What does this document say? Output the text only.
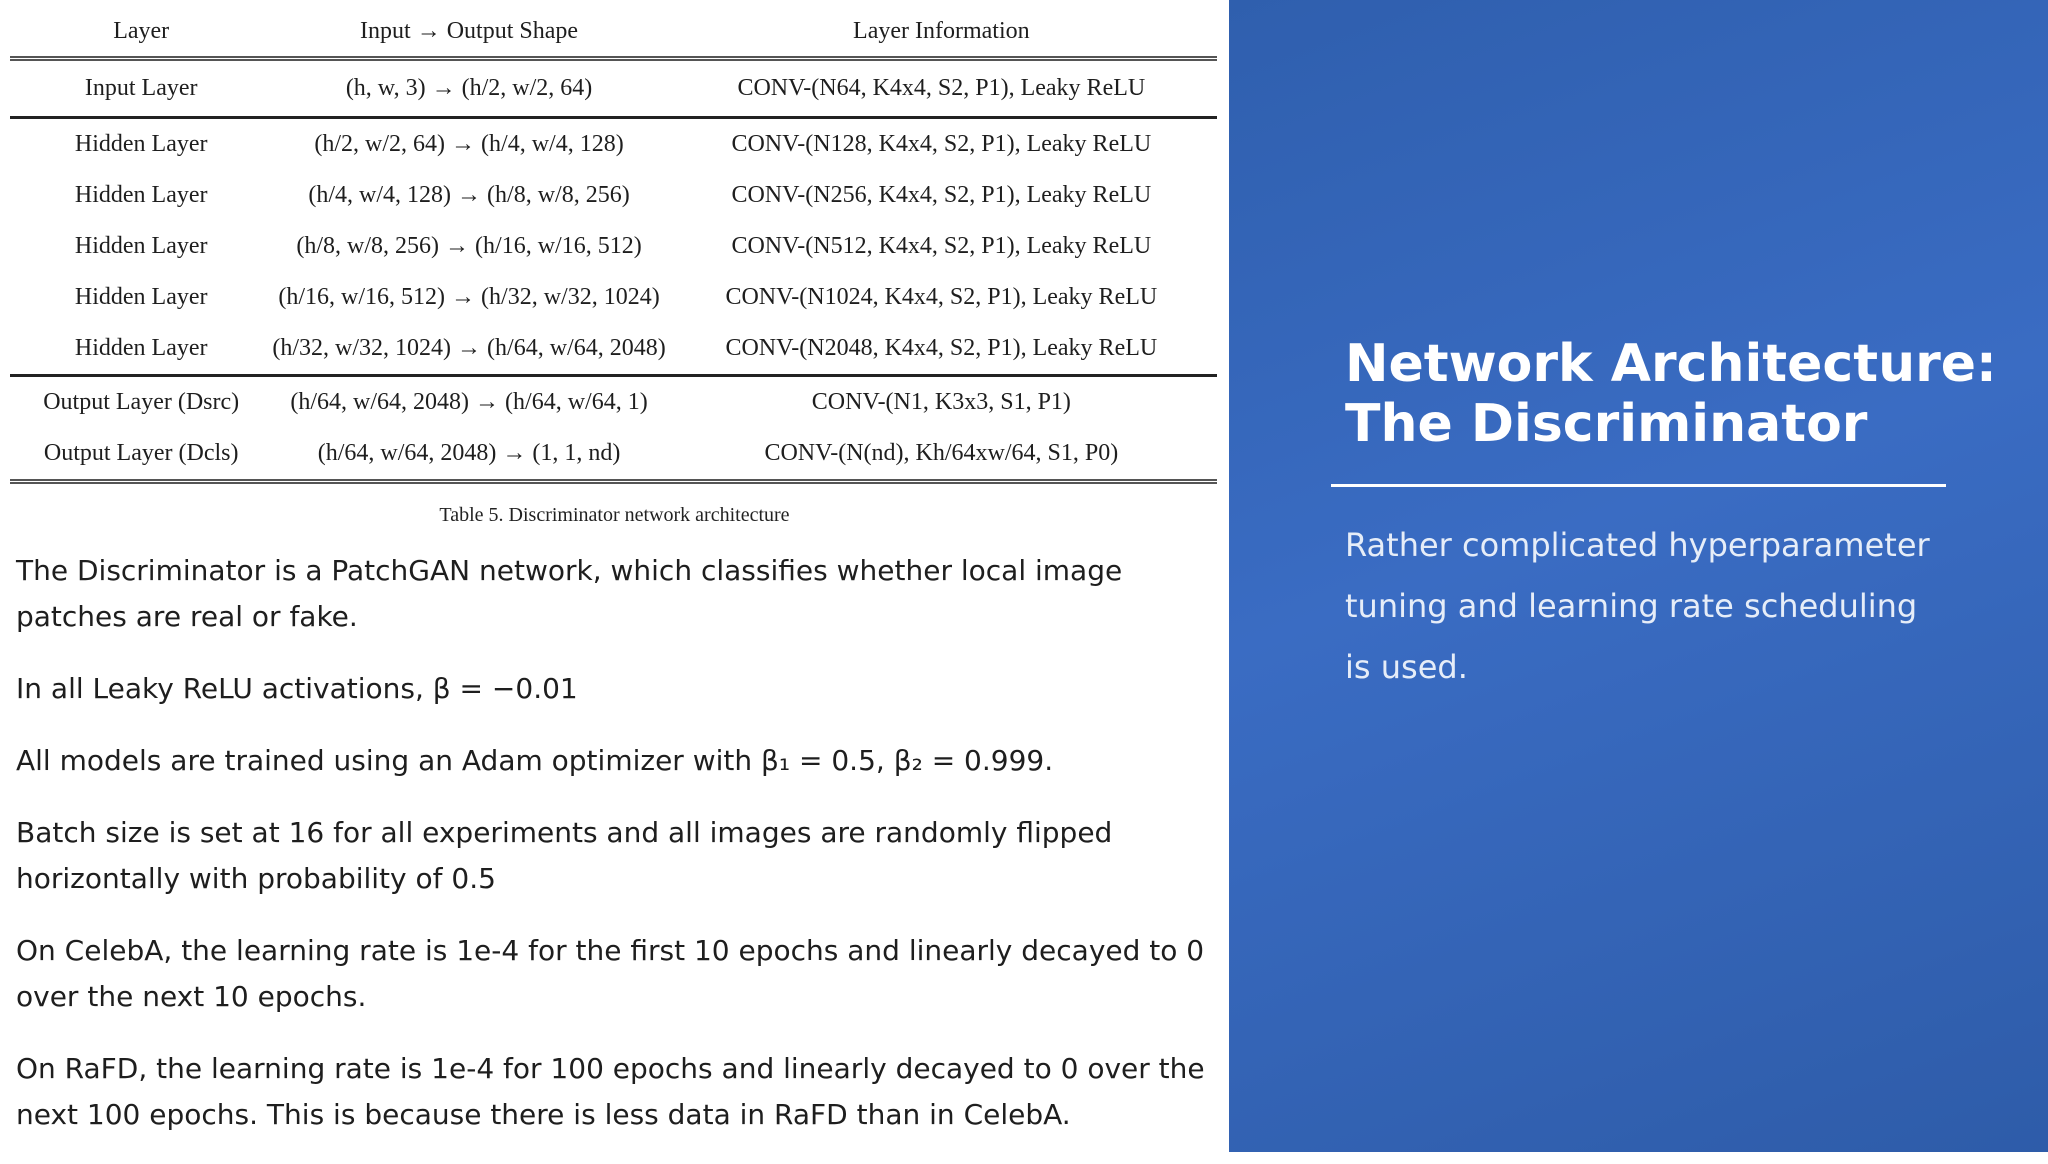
Layer	Input → Output Shape	Layer Information
Input Layer	(h, w, 3) → (h/2, w/2, 64)	CONV-(N64, K4x4, S2, P1), Leaky ReLU
Hidden Layer	(h/2, w/2, 64) → (h/4, w/4, 128)	CONV-(N128, K4x4, S2, P1), Leaky ReLU
Hidden Layer	(h/4, w/4, 128) → (h/8, w/8, 256)	CONV-(N256, K4x4, S2, P1), Leaky ReLU
Hidden Layer	(h/8, w/8, 256) → (h/16, w/16, 512)	CONV-(N512, K4x4, S2, P1), Leaky ReLU
Hidden Layer	(h/16, w/16, 512) → (h/32, w/32, 1024)	CONV-(N1024, K4x4, S2, P1), Leaky ReLU
Hidden Layer	(h/32, w/32, 1024) → (h/64, w/64, 2048)	CONV-(N2048, K4x4, S2, P1), Leaky ReLU
Output Layer (Dsrc)	(h/64, w/64, 2048) → (h/64, w/64, 1)	CONV-(N1, K3x3, S1, P1)
Output Layer (Dcls)	(h/64, w/64, 2048) → (1, 1, nd)	CONV-(N(nd), Kh/64xw/64, S1, P0)
Table 5. Discriminator network architecture

The Discriminator is a PatchGAN network, which classifies whether local image patches are real or fake.

In all Leaky ReLU activations, β = −0.01

All models are trained using an Adam optimizer with β₁ = 0.5, β₂ = 0.999.

Batch size is set at 16 for all experiments and all images are randomly flipped horizontally with probability of 0.5

On CelebA, the learning rate is 1e-4 for the first 10 epochs and linearly decayed to 0 over the next 10 epochs.

On RaFD, the learning rate is 1e-4 for 100 epochs and linearly decayed to 0 over the next 100 epochs. This is because there is less data in RaFD than in CelebA.

Network Architecture:
The Discriminator
Rather complicated hyperparameter tuning and learning rate scheduling is used.
